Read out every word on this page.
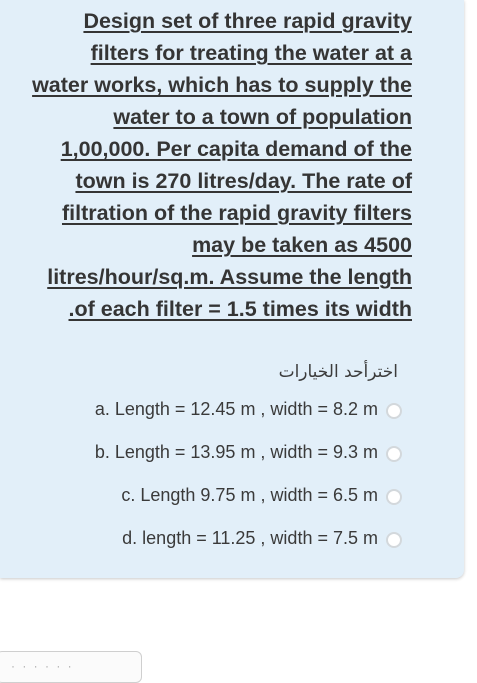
Design set of three rapid gravity
filters for treating the water at a
water works, which has to supply the
water to a town of population
1,00,000. Per capita demand of the
town is 270 litres/day. The rate of
filtration of the rapid gravity filters
may be taken as 4500
litres/hour/sq.m. Assume the length
.of each filter = 1.5 times its width
اخترأحد الخيارات
a. Length = 12.45 m , width = 8.2 m
b. Length = 13.95 m , width = 9.3 m
c. Length 9.75 m , width = 6.5 m
d. length = 11.25 , width = 7.5 m
· · · · · ·
